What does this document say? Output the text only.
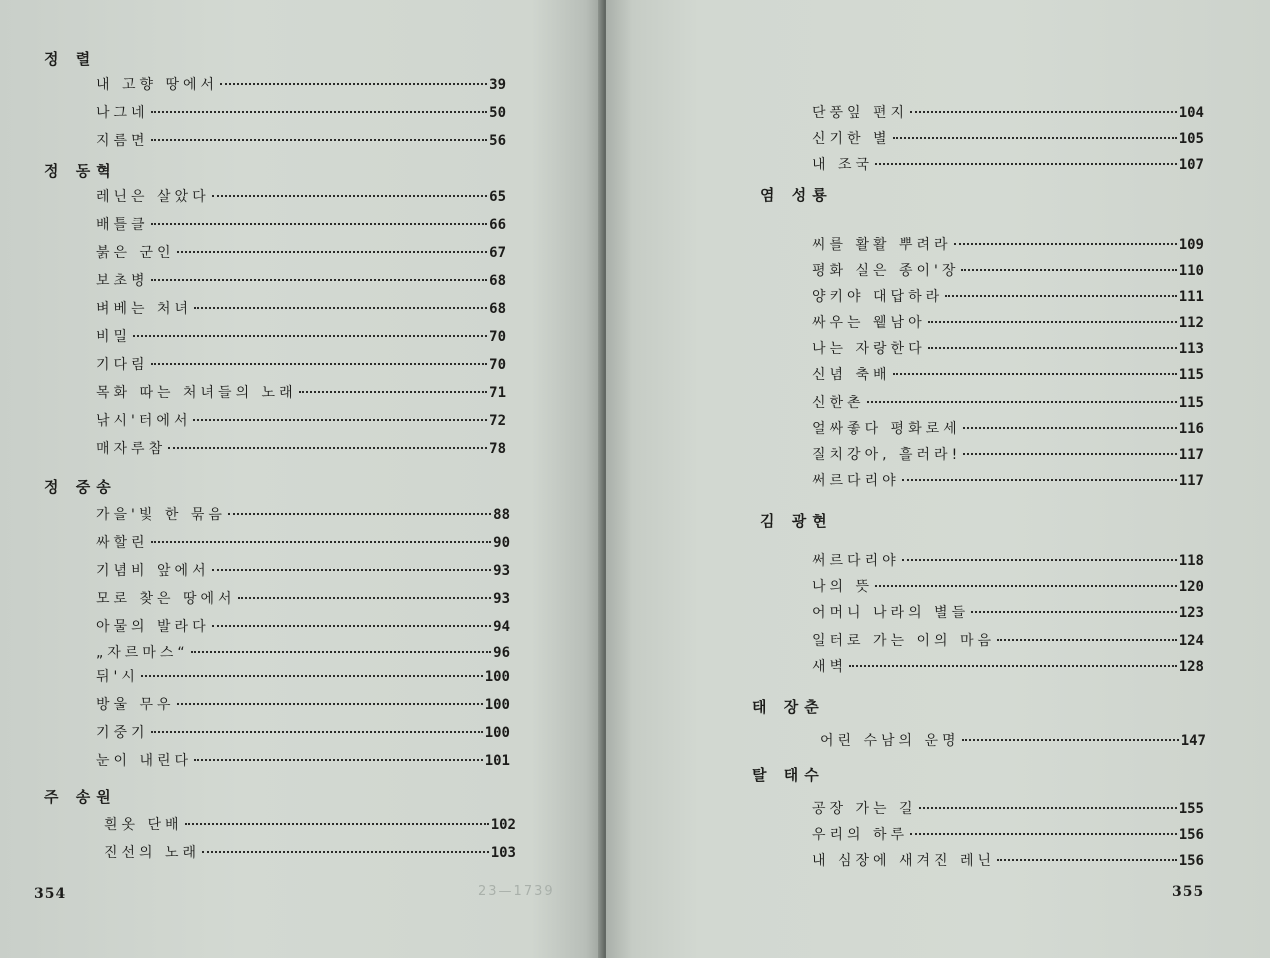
23—1739
정 렬
내 고향 땅에서	39
나그네	50
지름면	56
정 동혁
레닌은 살았다	65
배틀클	66
붉은 군인	67
보초병	68
벼베는 처녀	68
비밀	70
기다림	70
목화 따는 처녀들의 노래	71
낚시'터에서	72
매자루참	78
정 중송
가을'빛 한 묶음	88
싸할린	90
기념비 앞에서	93
모로 찾은 땅에서	93
아물의 발라다	94
„자르마스“	96
뒤'시	100
방울 무우	100
기중기	100
눈이 내린다	101
주 송원
흰옷 단배	102
진선의 노래	103
354
단풍잎 편지	104
신기한 별	105
내 조국	107
염 성룡
씨를 활활 뿌려라	109
평화 실은 종이'장	110
양키야 대답하라	111
싸우는 윁남아	112
나는 자랑한다	113
신념 축배	115
신한촌	115
얼싸좋다 평화로세	116
질치강아, 흘러라!	117
써르다리야	117
김 광현
써르다리야	118
나의 뜻	120
어머니 나라의 별들	123
일터로 가는 이의 마음	124
새벽	128
태 장춘
어린 수남의 운명	147
탈 태수
공장 가는 길	155
우리의 하루	156
내 심장에 새겨진 레닌	156
355
